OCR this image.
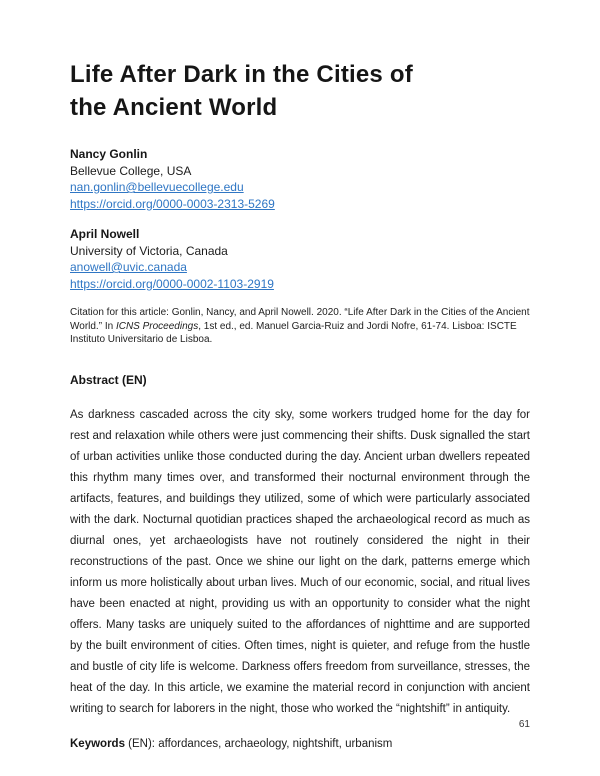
Life After Dark in the Cities of
the Ancient World
Nancy Gonlin
Bellevue College, USA
nan.gonlin@bellevuecollege.edu
https://orcid.org/0000-0003-2313-5269
April Nowell
University of Victoria, Canada
anowell@uvic.canada
https://orcid.org/0000-0002-1103-2919
Citation for this article: Gonlin, Nancy, and April Nowell. 2020. “Life After Dark in the Cities of the Ancient World.” In ICNS Proceedings, 1st ed., ed. Manuel Garcia-Ruiz and Jordi Nofre, 61-74. Lisboa: ISCTE Instituto Universitario de Lisboa.
Abstract (EN)
As darkness cascaded across the city sky, some workers trudged home for the day for rest and relaxation while others were just commencing their shifts. Dusk signalled the start of urban activities unlike those conducted during the day. Ancient urban dwellers repeated this rhythm many times over, and transformed their nocturnal environment through the artifacts, features, and buildings they utilized, some of which were particularly associated with the dark. Nocturnal quotidian practices shaped the archaeological record as much as diurnal ones, yet archaeologists have not routinely considered the night in their reconstructions of the past. Once we shine our light on the dark, patterns emerge which inform us more holistically about urban lives. Much of our economic, social, and ritual lives have been enacted at night, providing us with an opportunity to consider what the night offers. Many tasks are uniquely suited to the affordances of nighttime and are supported by the built environment of cities. Often times, night is quieter, and refuge from the hustle and bustle of city life is welcome. Darkness offers freedom from surveillance, stresses, the heat of the day. In this article, we examine the material record in conjunction with ancient writing to search for laborers in the night, those who worked the “nightshift” in antiquity.
Keywords (EN): affordances, archaeology, nightshift, urbanism
61
